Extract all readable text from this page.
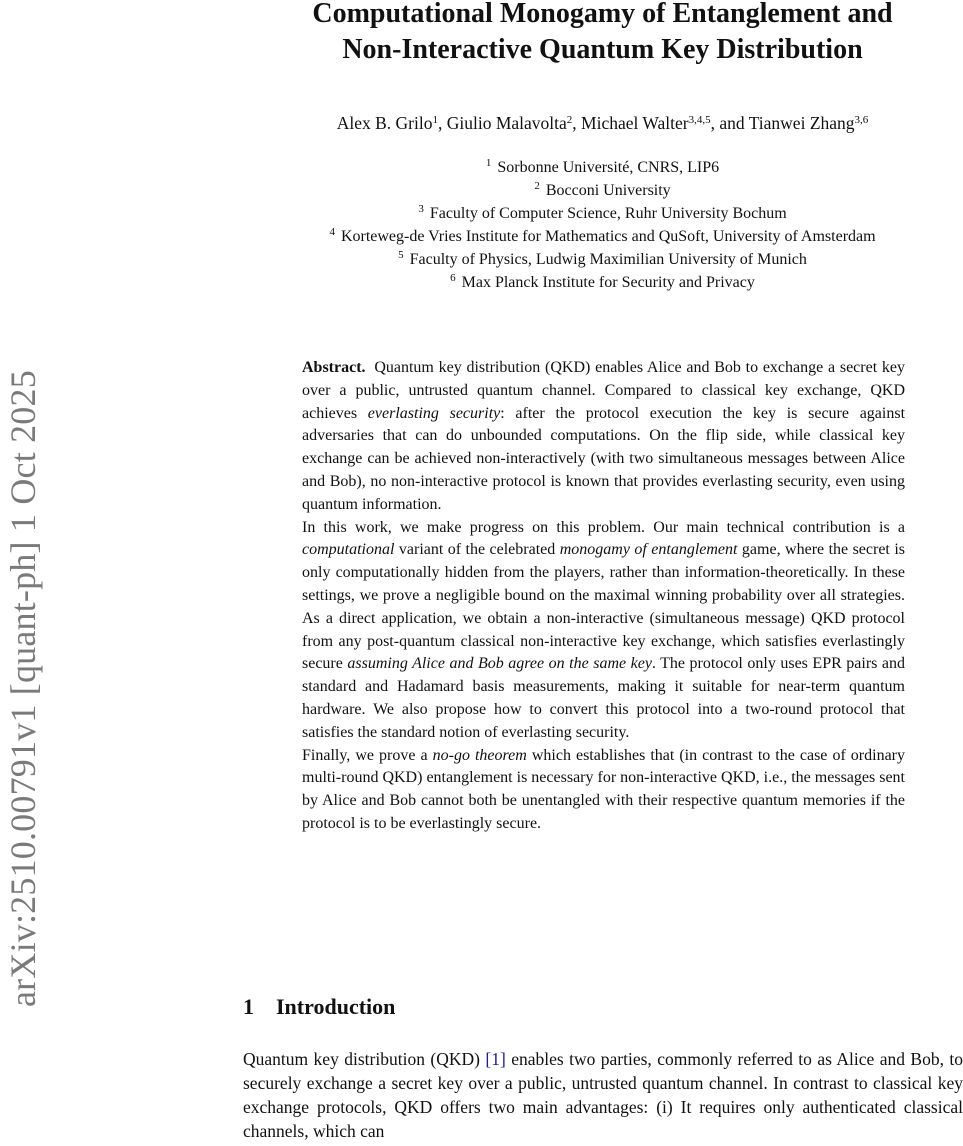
arXiv:2510.00791v1 [quant-ph] 1 Oct 2025
Computational Monogamy of Entanglement and
Non-Interactive Quantum Key Distribution
Alex B. Grilo$^1$, Giulio Malavolta$^2$, Michael Walter$^{3,4,5}$, and Tianwei Zhang$^{3,6}$
$^1$ Sorbonne Université, CNRS, LIP6
$^2$ Bocconi University
$^3$ Faculty of Computer Science, Ruhr University Bochum
$^4$ Korteweg-de Vries Institute for Mathematics and QuSoft, University of Amsterdam
$^5$ Faculty of Physics, Ludwig Maximilian University of Munich
$^6$ Max Planck Institute for Security and Privacy

Abstract. Quantum key distribution (QKD) enables Alice and Bob to exchange a secret key over a public, untrusted quantum channel. Compared to classical key exchange, QKD achieves everlasting security: after the protocol execution the key is secure against adversaries that can do unbounded computations. On the flip side, while classical key exchange can be achieved non-interactively (with two simultaneous messages between Alice and Bob), no non-interactive protocol is known that provides everlasting security, even using quantum information.

In this work, we make progress on this problem. Our main technical contribution is a computational variant of the celebrated monogamy of entanglement game, where the secret is only computationally hidden from the players, rather than information-theoretically. In these settings, we prove a negligible bound on the maximal winning probability over all strategies. As a direct application, we obtain a non-interactive (simultaneous message) QKD protocol from any post-quantum classical non-interactive key exchange, which satisfies everlastingly secure assuming Alice and Bob agree on the same key. The protocol only uses EPR pairs and standard and Hadamard basis measurements, making it suitable for near-term quantum hardware. We also propose how to convert this protocol into a two-round protocol that satisfies the standard notion of everlasting security.

Finally, we prove a no-go theorem which establishes that (in contrast to the case of ordinary multi-round QKD) entanglement is necessary for non-interactive QKD, i.e., the messages sent by Alice and Bob cannot both be unentangled with their respective quantum memories if the protocol is to be everlastingly secure.

1 Introduction

Quantum key distribution (QKD) [1] enables two parties, commonly referred to as Alice and Bob, to securely exchange a secret key over a public, untrusted quantum channel. In contrast to classical key exchange protocols, QKD offers two main advantages: (i) It requires only authenticated classical channels, which can
